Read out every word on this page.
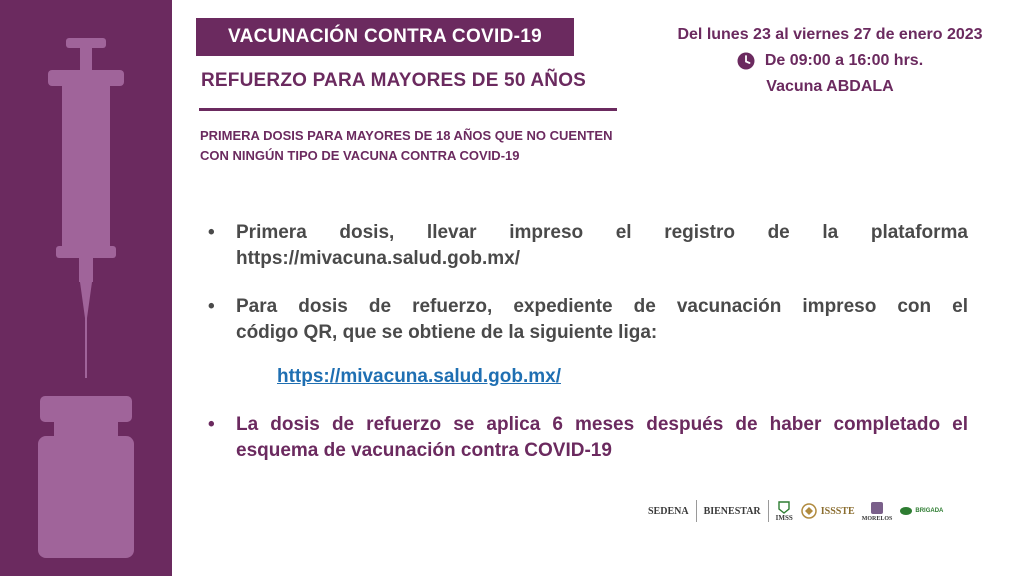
VACUNACIÓN CONTRA COVID-19
REFUERZO PARA MAYORES DE 50 AÑOS
PRIMERA DOSIS PARA MAYORES DE 18 AÑOS QUE NO CUENTEN
CON NINGÚN TIPO DE VACUNA CONTRA COVID-19
Del lunes 23 al viernes 27 de enero 2023
De 09:00 a 16:00 hrs.
Vacuna ABDALA
• Primera dosis, llevar impreso el registro de la plataforma
https://mivacuna.salud.gob.mx/
• Para dosis de refuerzo, expediente de vacunación impreso con el
código QR, que se obtiene de la siguiente liga:
https://mivacuna.salud.gob.mx/
• La dosis de refuerzo se aplica 6 meses después de haber completado el
esquema de vacunación contra COVID-19
SEDENA BIENESTAR
IMSS
ISSSTE
MORELOS
BRIGADA
